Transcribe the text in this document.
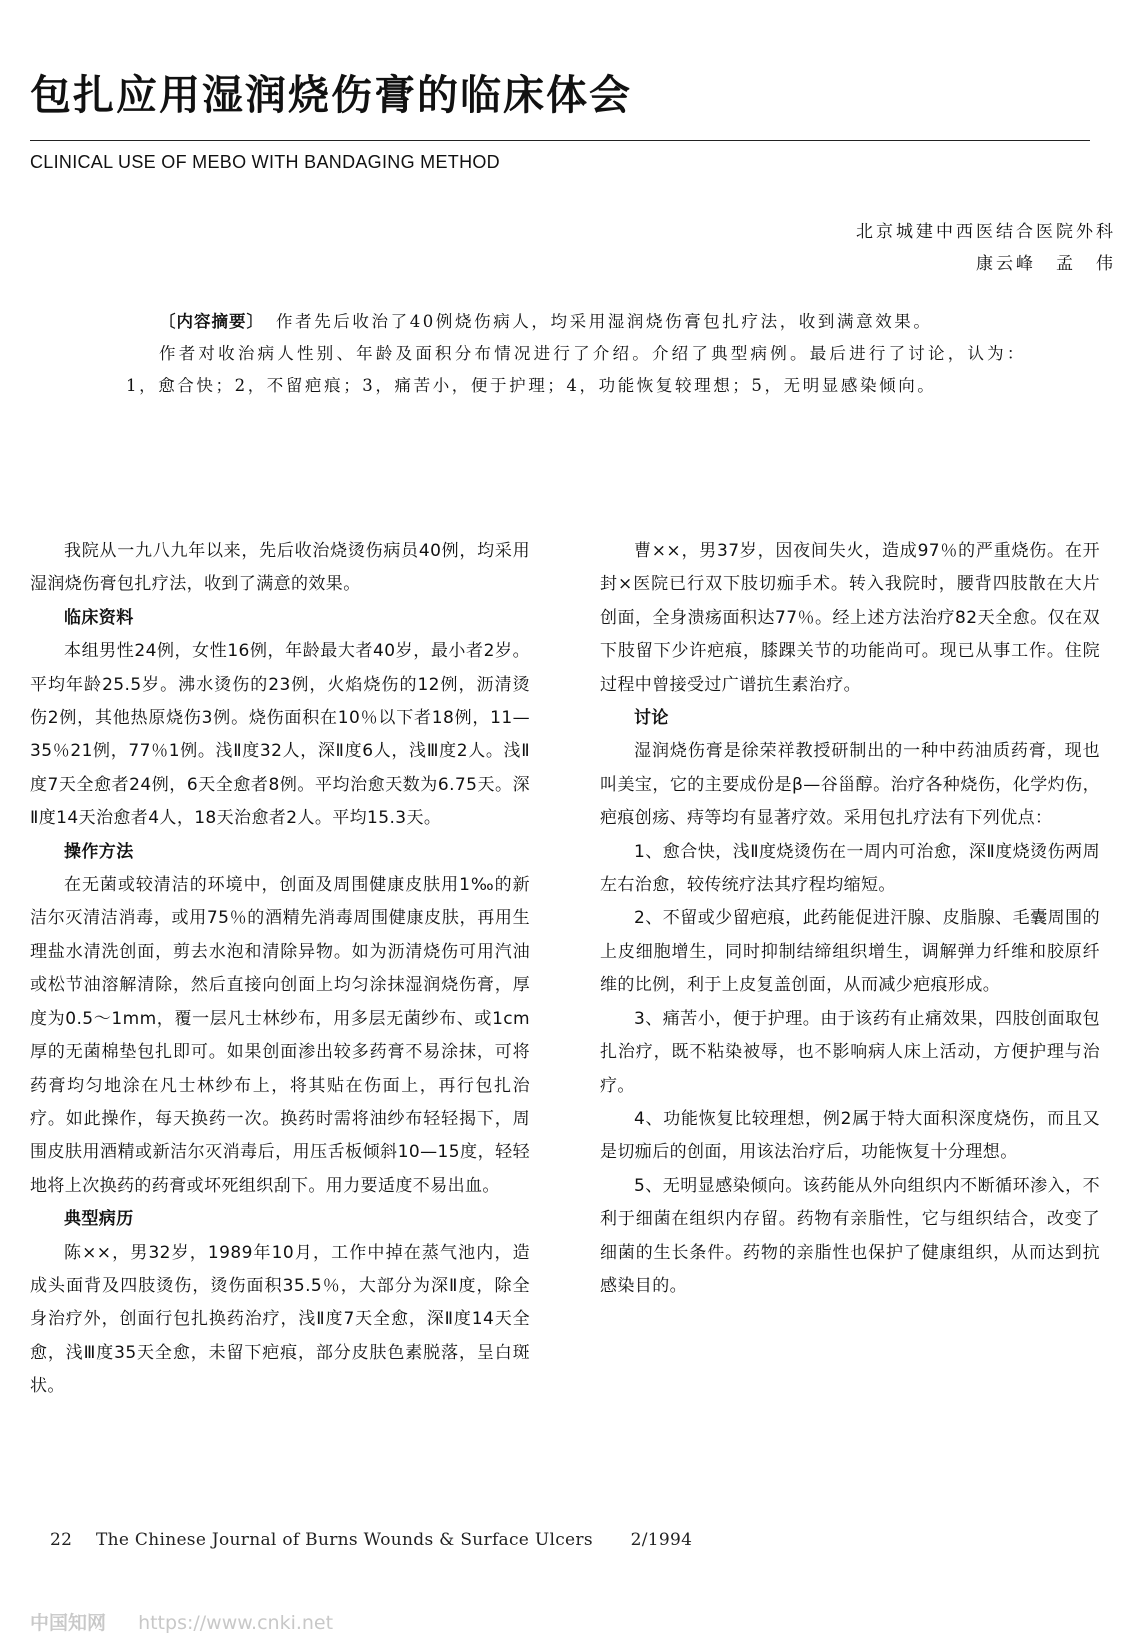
包扎应用湿润烧伤膏的临床体会
CLINICAL USE OF MEBO WITH BANDAGING METHOD
北京城建中西医结合医院外科
康云峰　孟　伟

〔内容摘要〕 作者先后收治了40例烧伤病人，均采用湿润烧伤膏包扎疗法，收到满意效果。

作者对收治病人性别、年龄及面积分布情况进行了介绍。介绍了典型病例。最后进行了讨论，认为：1，愈合快；2，不留疤痕；3，痛苦小，便于护理；4，功能恢复较理想；5，无明显感染倾向。

我院从一九八九年以来，先后收治烧烫伤病员40例，均采用湿润烧伤膏包扎疗法，收到了满意的效果。

临床资料

本组男性24例，女性16例，年龄最大者40岁，最小者2岁。平均年龄25.5岁。沸水烫伤的23例，火焰烧伤的12例，沥清烫伤2例，其他热原烧伤3例。烧伤面积在10％以下者18例，11—35％21例，77％1例。浅Ⅱ度32人，深Ⅱ度6人，浅Ⅲ度2人。浅Ⅱ度7天全愈者24例，6天全愈者8例。平均治愈天数为6.75天。深Ⅱ度14天治愈者4人，18天治愈者2人。平均15.3天。

操作方法

在无菌或较清洁的环境中，创面及周围健康皮肤用1‰的新洁尔灭清洁消毒，或用75％的酒精先消毒周围健康皮肤，再用生理盐水清洗创面，剪去水泡和清除异物。如为沥清烧伤可用汽油或松节油溶解清除，然后直接向创面上均匀涂抹湿润烧伤膏，厚度为0.5～1mm，覆一层凡士林纱布，用多层无菌纱布、或1cm厚的无菌棉垫包扎即可。如果创面渗出较多药膏不易涂抹，可将药膏均匀地涂在凡士林纱布上，将其贴在伤面上，再行包扎治疗。如此操作，每天换药一次。换药时需将油纱布轻轻揭下，周围皮肤用酒精或新洁尔灭消毒后，用压舌板倾斜10—15度，轻轻地将上次换药的药膏或坏死组织刮下。用力要适度不易出血。

典型病历

陈××，男32岁，1989年10月，工作中掉在蒸气池内，造成头面背及四肢烫伤，烫伤面积35.5％，大部分为深Ⅱ度，除全身治疗外，创面行包扎换药治疗，浅Ⅱ度7天全愈，深Ⅱ度14天全愈，浅Ⅲ度35天全愈，未留下疤痕，部分皮肤色素脱落，呈白斑状。

曹××，男37岁，因夜间失火，造成97％的严重烧伤。在开封×医院已行双下肢切痂手术。转入我院时，腰背四肢散在大片创面，全身溃疡面积达77％。经上述方法治疗82天全愈。仅在双下肢留下少许疤痕，膝踝关节的功能尚可。现已从事工作。住院过程中曾接受过广谱抗生素治疗。

讨论

湿润烧伤膏是徐荣祥教授研制出的一种中药油质药膏，现也叫美宝，它的主要成份是β—谷甾醇。治疗各种烧伤，化学灼伤，疤痕创疡、痔等均有显著疗效。采用包扎疗法有下列优点：

1、愈合快，浅Ⅱ度烧烫伤在一周内可治愈，深Ⅱ度烧烫伤两周左右治愈，较传统疗法其疗程均缩短。

2、不留或少留疤痕，此药能促进汗腺、皮脂腺、毛囊周围的上皮细胞增生，同时抑制结缔组织增生，调解弹力纤维和胶原纤维的比例，利于上皮复盖创面，从而减少疤痕形成。

3、痛苦小，便于护理。由于该药有止痛效果，四肢创面取包扎治疗，既不粘染被辱，也不影响病人床上活动，方便护理与治疗。

4、功能恢复比较理想，例2属于特大面积深度烧伤，而且又是切痂后的创面，用该法治疗后，功能恢复十分理想。

5、无明显感染倾向。该药能从外向组织内不断循环渗入，不利于细菌在组织内存留。药物有亲脂性，它与组织结合，改变了细菌的生长条件。药物的亲脂性也保护了健康组织，从而达到抗感染目的。

22 The Chinese Journal of Burns Wounds & Surface Ulcers 2/1994
中国知网 https://www.cnki.net
